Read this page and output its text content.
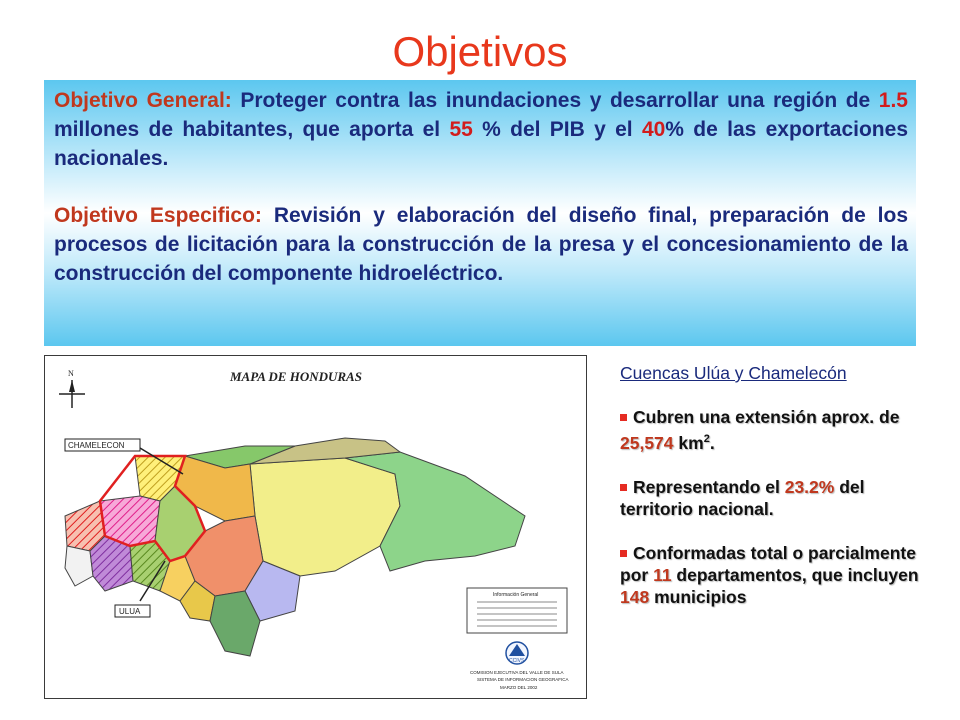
Objetivos

Objetivo General: Proteger contra las inundaciones y desarrollar una región de 1.5 millones de habitantes, que aporta el 55 % del PIB y el 40% de las exportaciones nacionales.

Objetivo Especifico: Revisión y elaboración del diseño final, preparación de los procesos de licitación para la construcción de la presa y el concesionamiento de la construcción del componente hidroeléctrico.

N	MAPA DE HONDURAS
CHAMELECON
ULUA
Información General
CCIVS
COMISION EJECUTIVA DEL VALLE DE SULA
SISTEMA DE INFORMACION GEOGRAFICA
MARZO DEL 2002
Cuencas Ulúa y Chamelecón
Cubren una extensión aprox. de 25,574 $km^2$.
Representando el 23.2% del territorio nacional.
Conformadas total o parcialmente por 11 departamentos, que incluyen 148 municipios
